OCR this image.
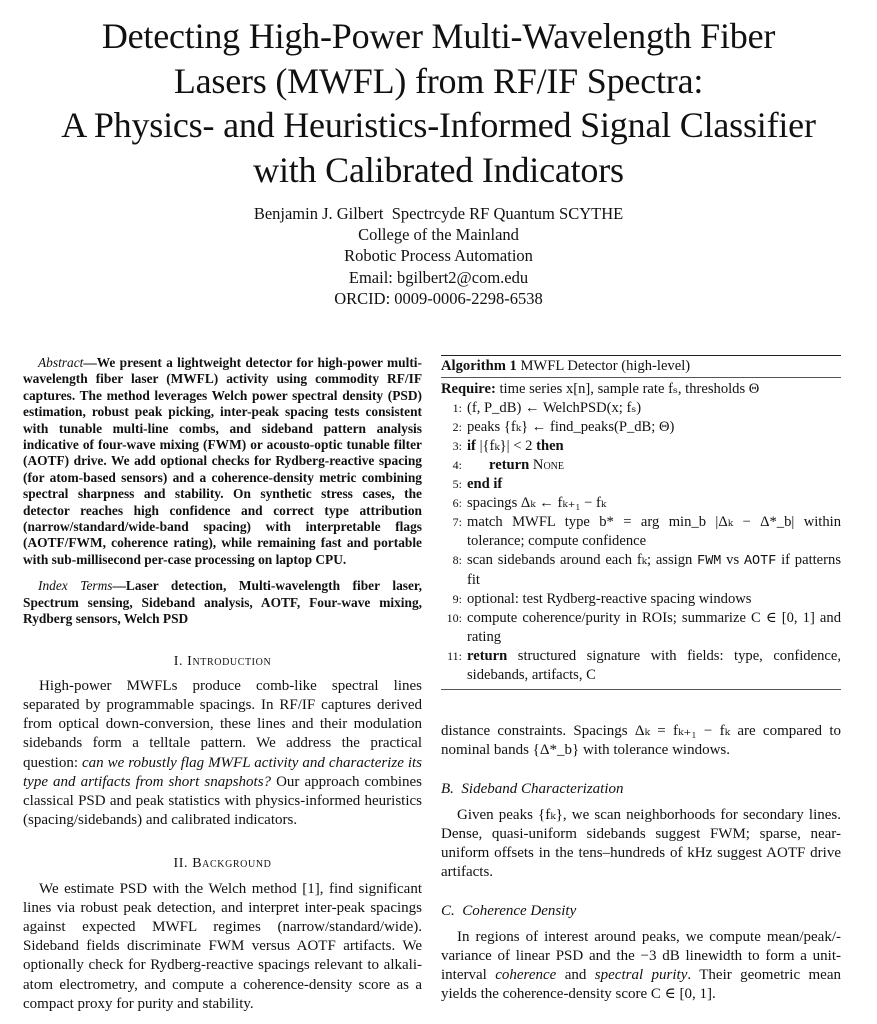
Detecting High-Power Multi-Wavelength Fiber
Lasers (MWFL) from RF/IF Spectra:
A Physics- and Heuristics-Informed Signal Classifier
with Calibrated Indicators
Benjamin J. Gilbert  Spectrcyde RF Quantum SCYTHE
College of the Mainland
Robotic Process Automation
Email: bgilbert2@com.edu
ORCID: 0009-0006-2298-6538

Abstract—We present a lightweight detector for high-power multi-wavelength fiber laser (MWFL) activity using commodity RF/IF captures. The method leverages Welch power spectral density (PSD) estimation, robust peak picking, inter-peak spacing tests consistent with tunable multi-line combs, and sideband pattern analysis indicative of four-wave mixing (FWM) or acousto-optic tunable filter (AOTF) drive. We add optional checks for Rydberg-reactive spacing (for atom-based sensors) and a coherence-density metric combining spectral sharpness and stability. On synthetic stress cases, the detector reaches high confidence and correct type attribution (narrow/standard/wide-band spacing) with interpretable flags (AOTF/FWM, coherence rating), while remaining fast and portable with sub-millisecond per-case processing on laptop CPU.

Index Terms—Laser detection, Multi-wavelength fiber laser, Spectrum sensing, Sideband analysis, AOTF, Four-wave mixing, Rydberg sensors, Welch PSD

I. Introduction

High-power MWFLs produce comb-like spectral lines separated by programmable spacings. In RF/IF captures derived from optical down-conversion, these lines and their modulation sidebands form a telltale pattern. We address the practical question: can we robustly flag MWFL activity and characterize its type and artifacts from short snapshots? Our approach combines classical PSD and peak statistics with physics-informed heuristics (spacing/sidebands) and calibrated indicators.

II. Background

We estimate PSD with the Welch method [1], find significant lines via robust peak detection, and interpret inter-peak spacings against expected MWFL regimes (narrow/standard/wide). Sideband fields discriminate FWM versus AOTF artifacts. We optionally check for Rydberg-reactive spacings relevant to alkali-atom electrometry, and compute a coherence-density score as a compact proxy for purity and stability.

Algorithm 1 MWFL Detector (high-level)
Require: time series x[n], sample rate fₛ, thresholds Θ
1: (f, P_dB) ← WelchPSD(x; fₛ)
2: peaks {fₖ} ← find_peaks(P_dB; Θ)
3: if |{fₖ}| < 2 then
4:	return None
5: end if
6: spacings Δₖ ← fₖ₊₁ − fₖ
7: match MWFL type b* = arg min_b |Δₖ − Δ*_b| within tolerance; compute confidence
8: scan sidebands around each fₖ; assign FWM vs AOTF if patterns fit
9: optional: test Rydberg-reactive spacing windows
10: compute coherence/purity in ROIs; summarize C ∈ [0, 1] and rating
11: return structured signature with fields: type, confidence, sidebands, artifacts, C

distance constraints. Spacings Δₖ = fₖ₊₁ − fₖ are compared to nominal bands {Δ*_b} with tolerance windows.

B.  Sideband Characterization

Given peaks {fₖ}, we scan neighborhoods for secondary lines. Dense, quasi-uniform sidebands suggest FWM; sparse, near-uniform offsets in the tens–hundreds of kHz suggest AOTF drive artifacts.

C.  Coherence Density

In regions of interest around peaks, we compute mean/peak/-variance of linear PSD and the −3 dB linewidth to form a unit-interval coherence and spectral purity. Their geometric mean yields the coherence-density score C ∈ [0, 1].
